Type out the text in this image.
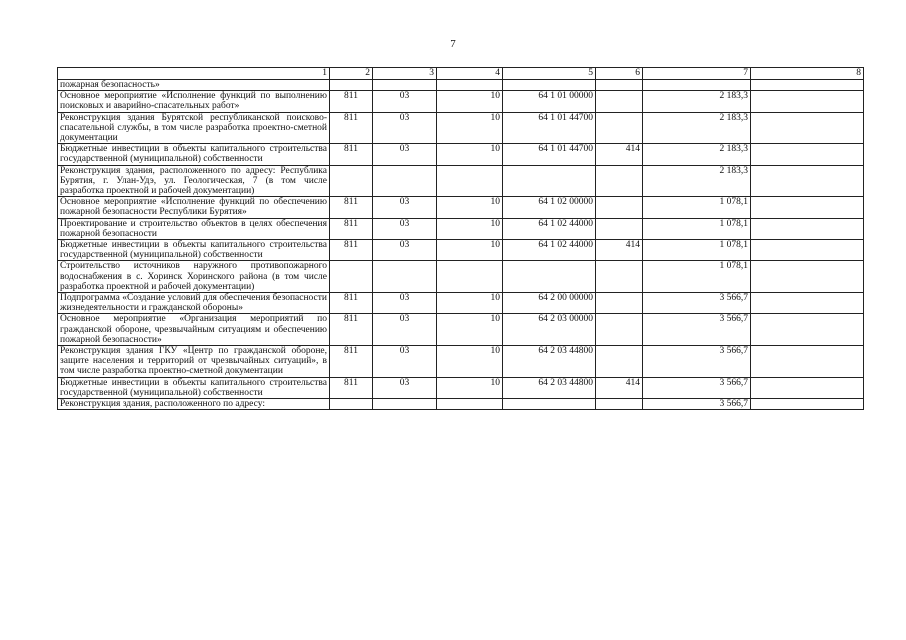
7
1	2	3	4	5	6	7	8
пожарная безопасность»							
Основное мероприятие «Исполнение функций по выполнению поисковых и аварийно-спасательных работ»	811	03	10	64 1 01 00000		2 183,3	
Реконструкция здания Бурятской республиканской поисково-спасательной службы, в том числе разработка проектно-сметной документации	811	03	10	64 1 01 44700		2 183,3	
Бюджетные инвестиции в объекты капитального строительства государственной (муниципальной) собственности	811	03	10	64 1 01 44700	414	2 183,3	
Реконструкция здания, расположенного по адресу: Республика Бурятия, г. Улан-Удэ, ул. Геологическая, 7 (в том числе разработка проектной и рабочей документации)						2 183,3	
Основное мероприятие «Исполнение функций по обеспечению пожарной безопасности Республики Бурятия»	811	03	10	64 1 02 00000		1 078,1	
Проектирование и строительство объектов в целях обеспечения пожарной безопасности	811	03	10	64 1 02 44000		1 078,1	
Бюджетные инвестиции в объекты капитального строительства государственной (муниципальной) собственности	811	03	10	64 1 02 44000	414	1 078,1	
Строительство источников наружного противопожарного водоснабжения в с. Хоринск Хоринского района (в том числе разработка проектной и рабочей документации)						1 078,1	
Подпрограмма «Создание условий для обеспечения безопасности жизнедеятельности и гражданской обороны»	811	03	10	64 2 00 00000		3 566,7	
Основное мероприятие «Организация мероприятий по гражданской обороне, чрезвычайным ситуациям и обеспечению пожарной безопасности»	811	03	10	64 2 03 00000		3 566,7	
Реконструкция здания ГКУ «Центр по гражданской обороне, защите населения и территорий от чрезвычайных ситуаций», в том числе разработка проектно-сметной документации	811	03	10	64 2 03 44800		3 566,7	
Бюджетные инвестиции в объекты капитального строительства государственной (муниципальной) собственности	811	03	10	64 2 03 44800	414	3 566,7	
Реконструкция здания, расположенного по адресу:						3 566,7	
